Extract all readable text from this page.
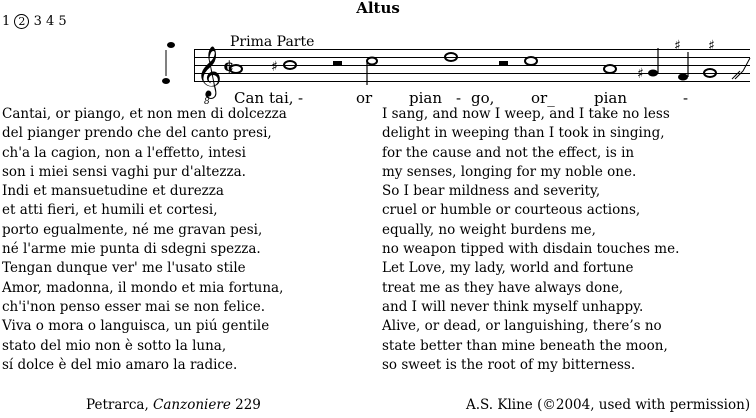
Altus
1 2 3 4 5
Prima Parte
𝄞
8
¢	♯	♯
♯ ♯
Can -
tai,	or pian - go, or_	pian	-
Cantai, or piango, et non men di dolcezza
del pianger prendo che del canto presi,
ch'a la cagion, non a l'effetto, intesi
son i miei sensi vaghi pur d'altezza.
Indi et mansuetudine et durezza
et atti fieri, et humili et cortesi,
porto egualmente, né me gravan pesi,
né l'arme mie punta di sdegni spezza.
Tengan dunque ver' me l'usato stile
Amor, madonna, il mondo et mia fortuna,
ch'i'non penso esser mai se non felice.
Viva o mora o languisca, un piú gentile
stato del mio non è sotto la luna,
sí dolce è del mio amaro la radice.
I sang, and now I weep, and I take no less
delight in weeping than I took in singing,
for the cause and not the effect, is in
my senses, longing for my noble one.
So I bear mildness and severity,
cruel or humble or courteous actions,
equally, no weight burdens me,
no weapon tipped with disdain touches me.
Let Love, my lady, world and fortune
treat me as they have always done,
and I will never think myself unhappy.
Alive, or dead, or languishing, there’s no
state better than mine beneath the moon,
so sweet is the root of my bitterness.
Petrarca, Canzoniere 229	A.S. Kline (©2004, used with permission)
